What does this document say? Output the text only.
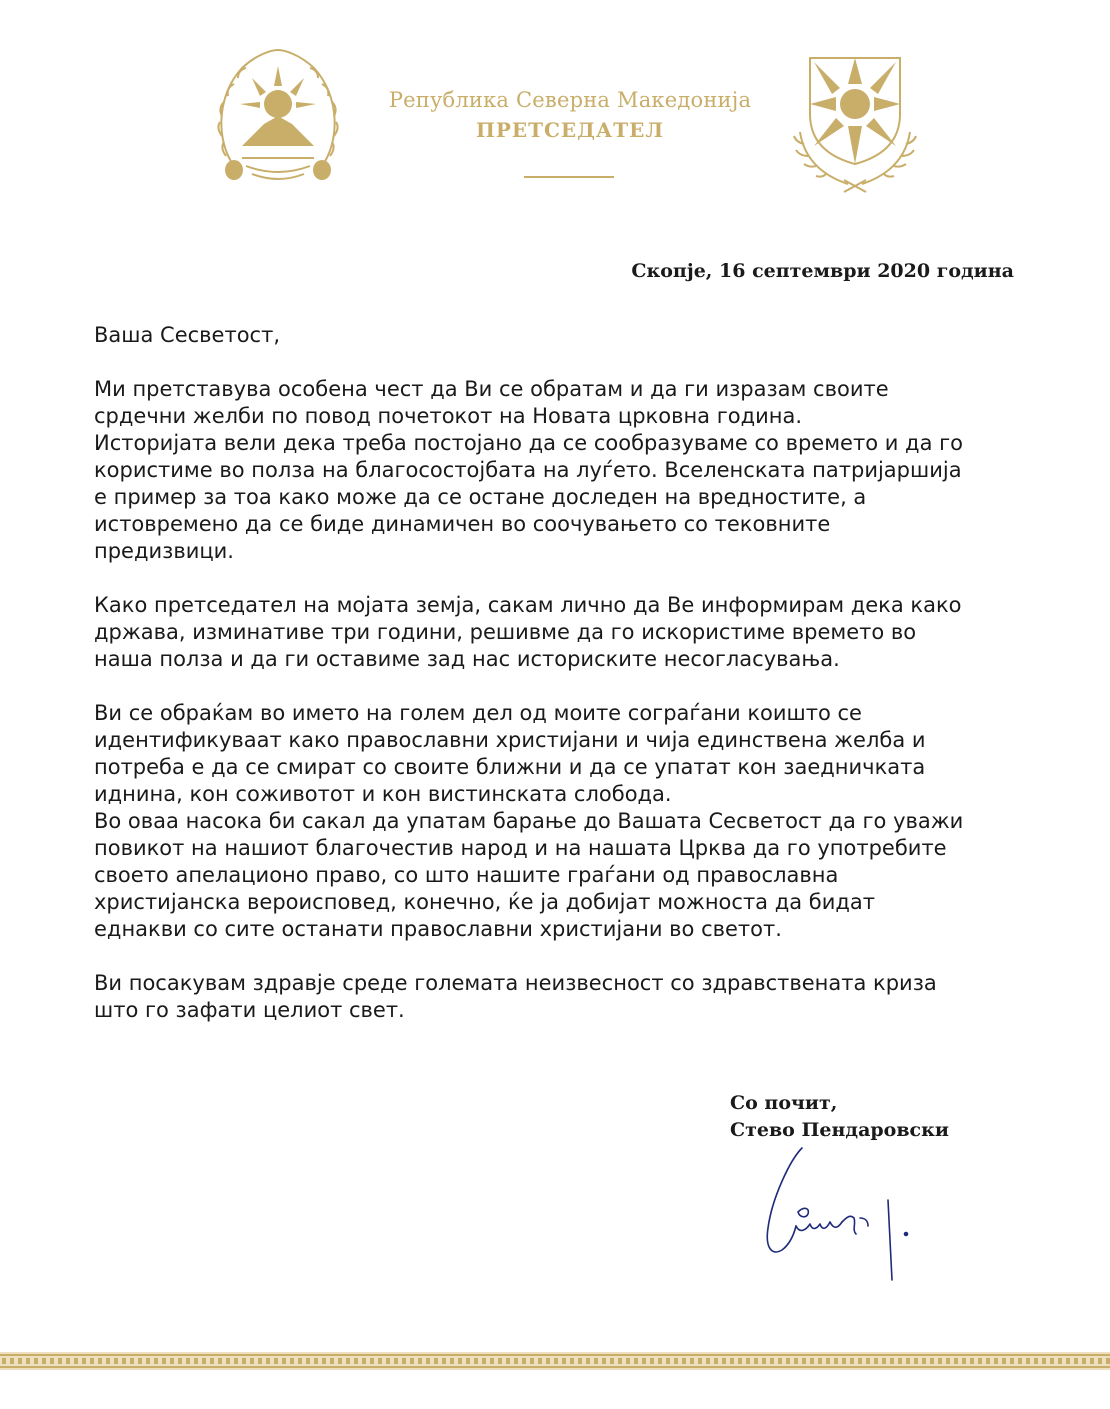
Република Северна Македонија
ПРЕТСЕДАТЕЛ
Скопје, 16 септември 2020 година

Ваша Сесветост,

Ми претставува особена чест да Ви се обратам и да ги изразам своите
срдечни желби по повод почетокот на Новата црковна година.
Историјата вели дека треба постојано да се сообразуваме со времето и да го
користиме во полза на благосостојбата на луѓето. Вселенската патријаршија
е пример за тоа како може да се остане доследен на вредностите, а
истовремено да се биде динамичен во соочувањето со тековните
предизвици.

Како претседател на мојата земја, сакам лично да Ве информирам дека како
држава, изминативе три години, решивме да го искористиме времето во
наша полза и да ги оставиме зад нас историските несогласувања.

Ви се обраќам во името на голем дел од моите сограѓани коишто се
идентификуваат како православни христијани и чија единствена желба и
потреба е да се смират со своите ближни и да се упатат кон заедничката
иднина, кон соживотот и кон вистинската слобода.

Во оваа насока би сакал да упатам барање до Вашата Сесветост да го уважи
повикот на нашиот благочестив народ и на нашата Црква да го употребите
своето апелационо право, со што нашите граѓани од православна
христијанска вероисповед, конечно, ќе ја добијат можноста да бидат
еднакви со сите останати православни христијани во светот.

Ви посакувам здравје среде големата неизвесност со здравствената криза
што го зафати целиот свет.

Со почит,
Стево Пендаровски
